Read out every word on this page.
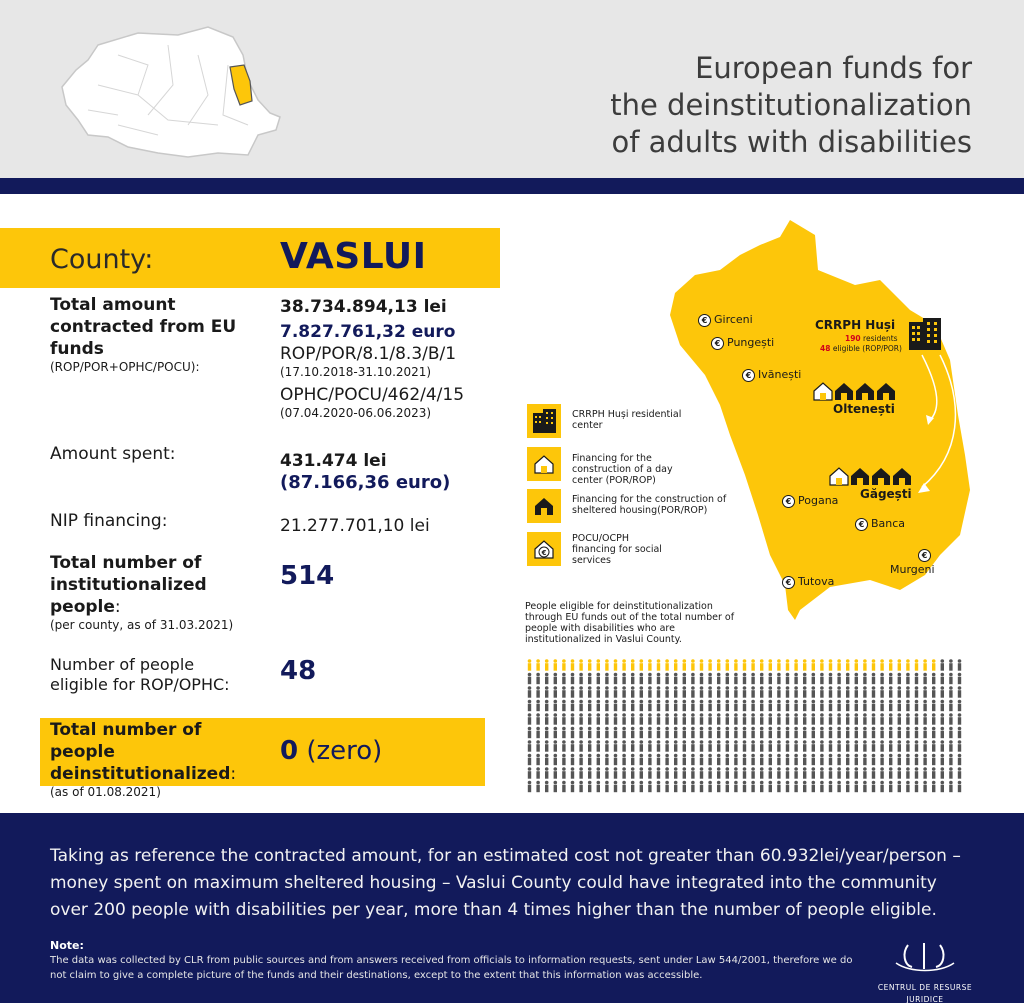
European funds for
the deinstitutionalization
of adults with disabilities
County:	VASLUI
Total amount contracted from EU funds
(ROP/POR+OPHC/POCU):
38.734.894,13 lei
7.827.761,32 euro
ROP/POR/8.1/8.3/B/1
(17.10.2018-31.10.2021)
OPHC/POCU/462/4/15
(07.04.2020-06.06.2023)
Amount spent:	431.474 lei
(87.166,36 euro)
NIP financing:	21.277.701,10 lei
Total number of institutionalized people:
(per county, as of 31.03.2021)
514
Number of people eligible for ROP/OPHC:	48
Total number of people deinstitutionalized:
(as of 01.08.2021)
0 (zero)
€ Girceni
€ Pungești
€ Ivănești
Oltenești
Găgești
€ Pogana
€ Banca
€
Murgeni
€ Tutova
CRRPH Huși
190 residents
48 eligible (ROP/POR)
CRRPH Huși residential center
Financing for the construction of a day center (POR/ROP)
Financing for the construction of sheltered housing(POR/ROP)
€
POCU/OCPH financing for social services
People eligible for deinstitutionalization through EU funds out of the total number of people with disabilities who are institutionalized in Vaslui County.
Taking as reference the contracted amount, for an estimated cost not greater than 60.932lei/year/person – money spent on maximum sheltered housing – Vaslui County could have integrated into the community over 200 people with disabilities per year, more than 4 times higher than the number of people eligible.
Note:
The data was collected by CLR from public sources and from answers received from officials to information requests, sent under Law 544/2001, therefore we do not claim to give a complete picture of the funds and their destinations, except to the extent that this information was accessible.
CENTRUL DE RESURSE
JURIDICE
